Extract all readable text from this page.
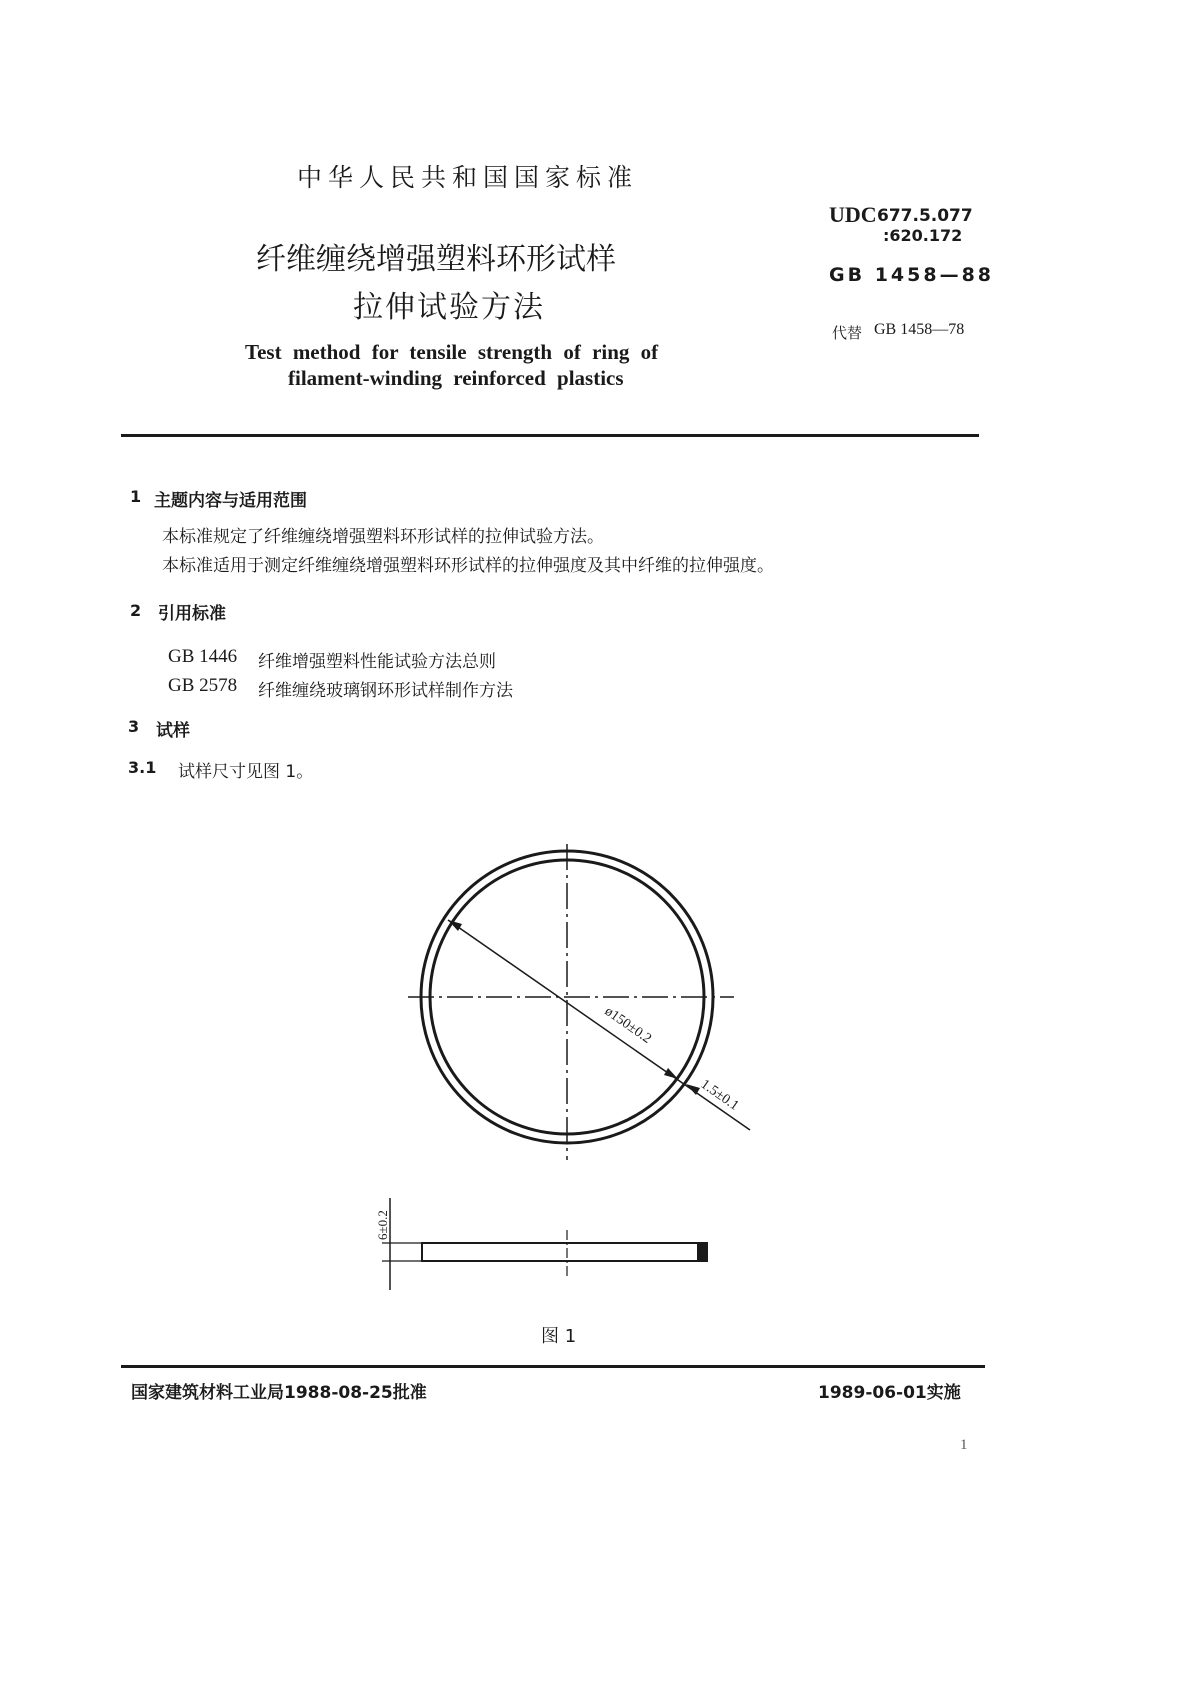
中华人民共和国国家标准
纤维缠绕增强塑料环形试样
拉伸试验方法
Test method for tensile strength of ring of
filament-winding reinforced plastics
UDC 677.5.077
:620.172
GB 1458—88
代替 GB 1458—78
1 主题内容与适用范围
本标准规定了纤维缠绕增强塑料环形试样的拉伸试验方法。
本标准适用于测定纤维缠绕增强塑料环形试样的拉伸强度及其中纤维的拉伸强度。
2 引用标准
GB 1446 纤维增强塑料性能试验方法总则
GB 2578 纤维缠绕玻璃钢环形试样制作方法
3 试样
3.1 试样尺寸见图 1。
ø150±0.2
1.5±0.1
6±0.2
图 1
国家建筑材料工业局1988-08-25批准	1989-06-01实施
1
